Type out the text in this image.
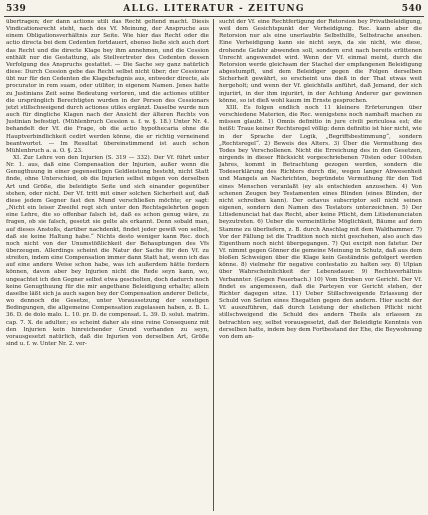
539	ALLG. LITERATUR - ZEITUNG	540

übertragen; der dann actione utili das Recht geltend macht. Diesis Vindicationsrecht steht, nach des Vf. Meinung, der Anspruche aus einem Obligationsverhältnis zur Seite. Wie hier das Recht oder die actio directa bei dem Cedenten fortdauert, ebenso ließe sich auch dort das Recht und die directe Klage bey ihm annehmen, und die Cession enthält nur die Gestattung, als Stellvertreter des Cedenten dessen Verfolgung des Anspruchs gestattet. — Die Sache sey ganz natürlich diese: Durch Cession gebe das Recht selbst nicht über; der Cessionar übt nur für den Cedenten die Klagebefugnis aus, entweder directe, als procurator in rem suam, oder utiliter, in eigenem Namen. Jenes hatte zu Justinians Zeit seine Bedeutung verloren, und die actiones utiliter die ursprünglich Berechtigten wurden in der Person des Cessionars jetzt stillschweigend durch actiones utiles ergänzt. Daselbe wurde nun auch für dingliche Klagen nach der Ansicht der älteren Rechts von Justinian befestigt. (Mühlenbruch Cession u. f. w. §. 18.) Unter Nr. 4. behandelt der Vf. die Frage, ob die actio hypothecaria ohne die Hauptverbindlichkeit cedirt werden könne, die er richtig verneinend beantwortet. — Im Resultat übereinstimmend ist auch schon Mühlenbruch a. a. O. §. 23.

XI. Zur Lehre von den Injurien (S. 319 — 332). Der Vf. führt unter Nr. 1. aus, daß eine Compensation der Injurien, außer wenn die Genugthuung in einer gegenseitigen Geldleistung besteht, nicht Statt finde, ohne Unterschied, ob die Injurien selbst mögen von derselben Art und Größe, die beleidigte Seite und sich einander gegenüber stehen, oder nicht. Der Vf. tritt mit einer solchen Sicherheit auf, daß diese jedem Gegner fast den Mund verschließen möchte; er sagt: „Nicht ein leiser Zweifel regt sich unter den Rechtsgelehrten gegen eine Lehre, die so offenbar falsch ist, daß es schon genug wäre, zu fragen, ob sie falsch, gesetzt sie gelte als erkannt. Denn sobald man, auf dieses Anstoßs, darüber nachdenkt, findet jeder gewiß von selbst, daß sie keine Haltung habe.“ Nichts desto weniger kann Rec. doch noch nicht von der Unumstößlichkeit der Behauptungen des Vfs überzeugen. Allerdings scheint die Natur der Sache für den Vf. zu streiten, indem eine Compensation immer dann Statt hat, wenn ich das auf eine andere Weise schon habe, was ich außerdem hätte fordern können, davon aber bey Injurien nicht die Rede seyn kann, wo, ungeachtet ich den Gegner selbst etwa gescholten, doch dadurch noch keine Genugthuung für die mir angethane Beleidigung erhalte; allein daselbe läßt sich ja auch sagen bey der Compensation anderer Delicte, wo dennoch die Gesetze, unter Voraussetzung der sonstigen Bedingungen, die allgemeine Compensation zugelassen haben, z. B. L. 36. D. de dolo malo. L. 10. pr. D. de compensat. L. 39. D. solut. matrim. cap. 7. X. de adulter.; es scheint daher als eine reine Consequenz mit den Injurien kein hinreichender Grund vorhanden zu seyn, vorausgesetzt natürlich, daß die Injurien von derselben Art, Größe sind u. f. w. Unter Nr. 2. ver-

sucht der Vf. eine Rechtfertigung der Retorsion bey Privatbeleidigung, weil dem Gesichtspunkt der Verheidigung. Rec. kann aber die Retorsion nur als eine unerlaubte Selbsthilfe, Selbstrache ansehen. Eine Verheidigung kann sie nicht seyn, da sie nicht, wie diese, drohende Gefahr abwenden soll, sondern erst nach bereits erlittenen Unrecht angewendet wird. Wenn der Vf. einmal meint, durch die Retorsion werde gleichsam der Stachel der empfangenen Beleidigung abgestumpft, und dem Beleidiger gegen die Folgen derselben Sicherheit gewährt, so erscheint uns dieß in der That etwas weit hergeholt; und wenn der Vf. gleichfalls anführt, daß Jemand, der sich injuriirt, in der ihm injuriirt, in der Achtung Anderer gar gewinnen könne, so ist dieß wohl kaum im Ernste gesprochen.

XIII. Es folgen endlich noch 11 kleinere Erörterungen über verschiedene Materien, die Rec. wenigstens noch namhaft machen zu müssen glaubt. 1) Omnis definitio in jure civili periculosa est; die heißt: Traue keiner Rechtsregel völlig: denn definitio ist hier nicht, wie in der Sprache der Logik, „Begriffsbestimmung“, sondern „Rechtsregel“. 2) Beweis des Alters. 3) Über die Vermuthung des Todes bey Verschollenen. Nicht die Erreichung des in den Gesetzen, nirgends in dieser Rücksicht vorgeschriebenen 70sten oder 100sten Jahres, kommt in Betrachtung gezogen werden, sondern die Todeserklärung des Richters durch die, wegen langer Abwesenheit und Mangels an Nachrichten, begründete Vermuthung für den Tod eines Menschen veranlaßt (ey als entschieden anzusehen. 4) Von schenen Zeugen bey Testamenten eines Blinden (eines Blinden, der nicht schreiben kann). Der octavus subscriptor soll nicht seinen eigenen, sondern den Namen des Testators unterzeichnen. 5) Der Litisdenunciat hat das Recht, aber keine Pflicht, dem Litisdenunciaten beyzutreten. 6) Ueber die vermeintliche Möglichkeit, Bäume auf dem Stamme zu überliefern, z. B. durch Anschlag mit dem Waldhammer. 7) Vor der Fällung ist die Tradition noch nicht geschehen, also auch das Eigenthum noch nicht übergegangen. 7) Qui excipit non fatetur. Der Vf. nimmt gegen Gönner die gemeine Meinung in Schutz, daß aus dem bloßen Schweigen über die Klage kein Geständnis gefolgert werden könne. 8) vielmehr für negative contestatio zu halten sey. 8) Ulpian über Wahrscheinlichkeit der Lebensdauer. 9) Rechtsverhältnis Verbannter. (Gegen Feuerbach.) 10) Vom Streben vor Gericht. Der Vf. findet es angemessen, daß die Parteyen vor Gericht stehen, der Richter dagegen sitze. 11) Ueber Stillschweigende Erlassung der Schuld von Seiten eines Ehegatten gegen den andern. Hier sucht der Vf. auszuführen, daß durch Leistung der ehelichen Pflicht nicht stillschweigend die Schuld des andern Theils als erlassen zu betrachten sey, selbst vorausgesetzt, daß der Beleidigte Kenntnis von derselben hatte, indem bey dem Fortbestand der Ehe, die Beywohnung von dem an-
